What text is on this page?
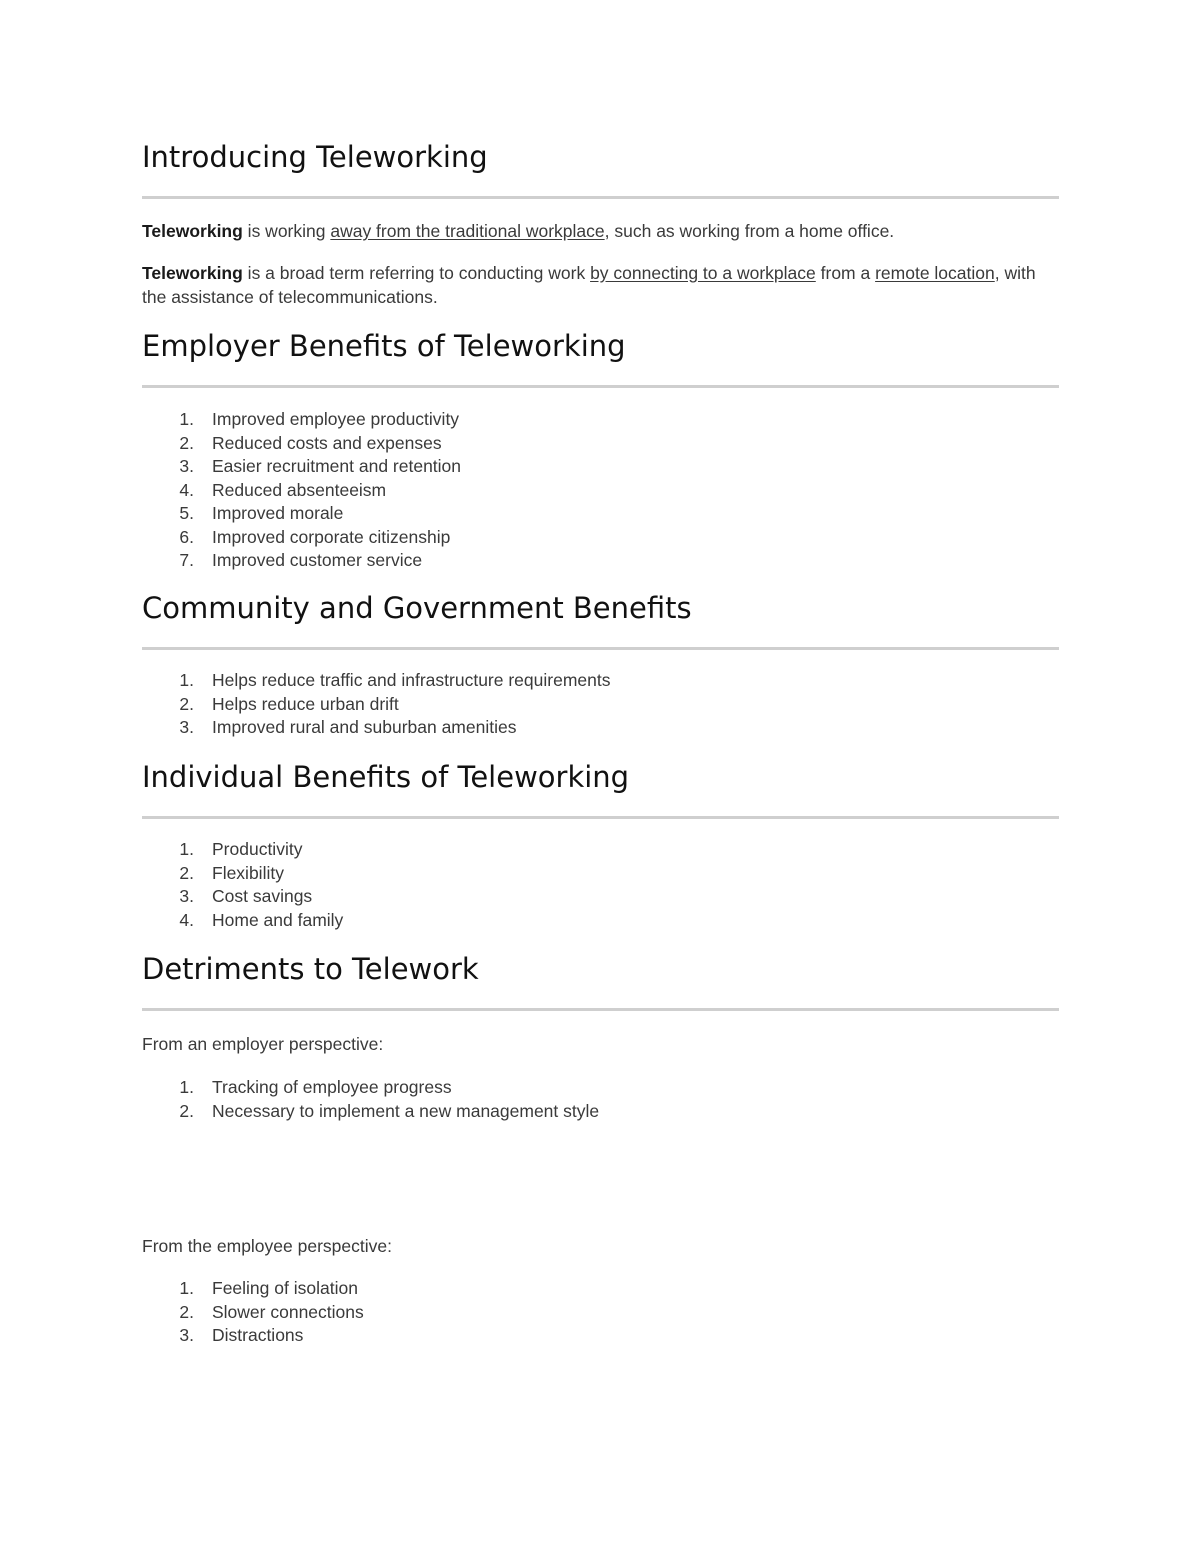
Introducing Teleworking

Teleworking is working away from the traditional workplace, such as working from a home office.

Teleworking is a broad term referring to conducting work by connecting to a workplace from a remote location, with the assistance of telecommunications.

Employer Benefits of Teleworking
1. Improved employee productivity
2. Reduced costs and expenses
3. Easier recruitment and retention
4. Reduced absenteeism
5. Improved morale
6. Improved corporate citizenship
7. Improved customer service
Community and Government Benefits
1. Helps reduce traffic and infrastructure requirements
2. Helps reduce urban drift
3. Improved rural and suburban amenities
Individual Benefits of Teleworking
1. Productivity
2. Flexibility
3. Cost savings
4. Home and family
Detriments to Telework

From an employer perspective:

1. Tracking of employee progress
2. Necessary to implement a new management style

From the employee perspective:

1. Feeling of isolation
2. Slower connections
3. Distractions
